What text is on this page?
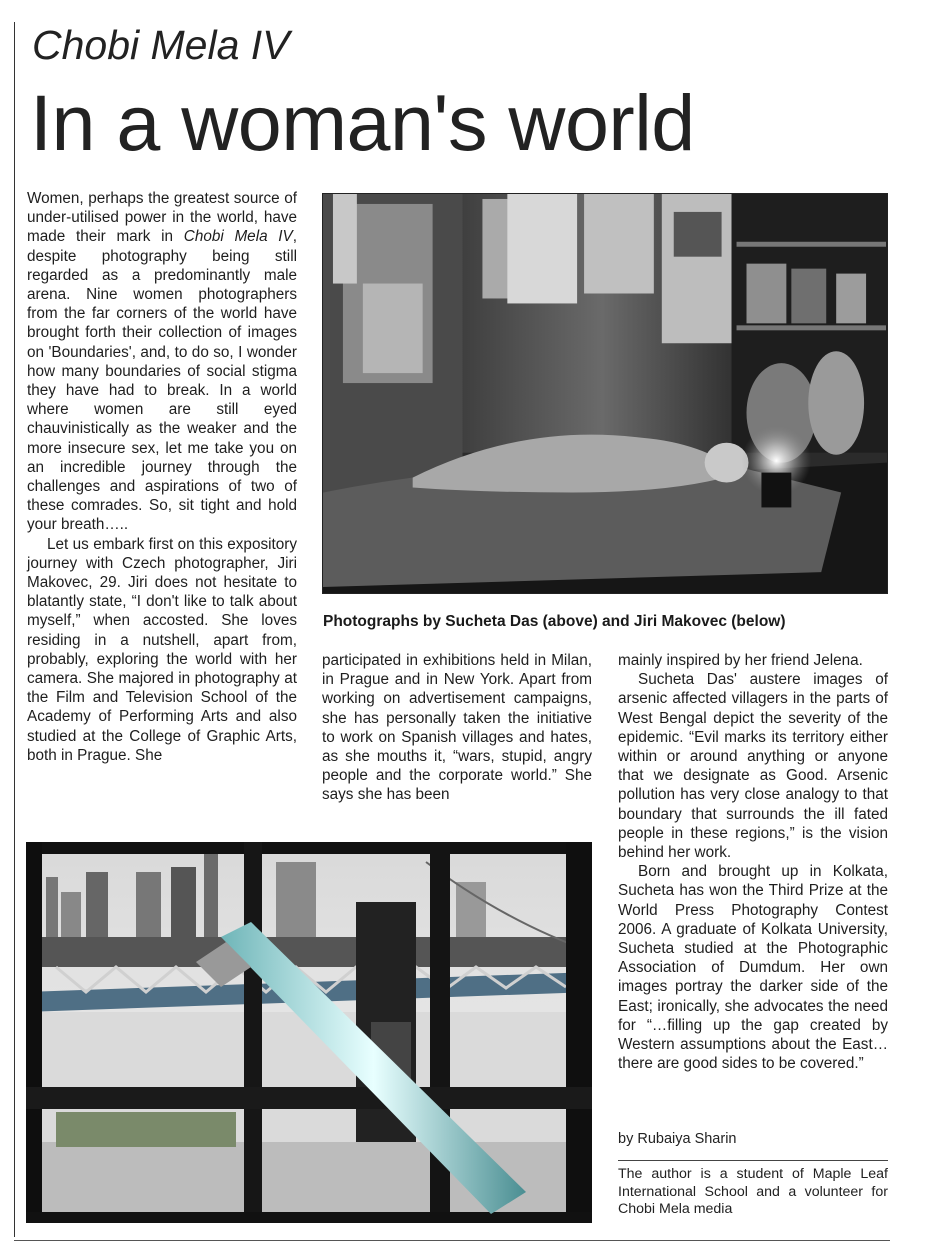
Chobi Mela IV
In a woman's world

Women, perhaps the greatest source of under-utilised power in the world, have made their mark in Chobi Mela IV, despite photography being still regarded as a predominantly male arena. Nine women photographers from the far corners of the world have brought forth their collection of images on 'Boundaries', and, to do so, I wonder how many boundaries of social stigma they have had to break. In a world where women are still eyed chauvinistically as the weaker and the more insecure sex, let me take you on an incredible journey through the challenges and aspirations of two of these comrades. So, sit tight and hold your breath…..

Let us embark first on this expository journey with Czech photographer, Jiri Makovec, 29. Jiri does not hesitate to blatantly state, “I don't like to talk about myself,” when accosted. She loves residing in a nutshell, apart from, probably, exploring the world with her camera. She majored in photography at the Film and Television School of the Academy of Performing Arts and also studied at the College of Graphic Arts, both in Prague. She

Photographs by Sucheta Das (above) and Jiri Makovec (below)

participated in exhibitions held in Milan, in Prague and in New York. Apart from working on advertisement campaigns, she has personally taken the initiative to work on Spanish villages and hates, as she mouths it, “wars, stupid, angry people and the corporate world.” She says she has been

mainly inspired by her friend Jelena.

Sucheta Das' austere images of arsenic affected villagers in the parts of West Bengal depict the severity of the epidemic. “Evil marks its territory either within or around anything or anyone that we designate as Good. Arsenic pollution has very close analogy to that boundary that surrounds the ill fated people in these regions,” is the vision behind her work.

Born and brought up in Kolkata, Sucheta has won the Third Prize at the World Press Photography Contest 2006. A graduate of Kolkata University, Sucheta studied at the Photographic Association of Dumdum. Her own images portray the darker side of the East; ironically, she advocates the need for “…filling up the gap created by Western assumptions about the East…there are good sides to be covered.”

by Rubaiya Sharin

The author is a student of Maple Leaf International School and a volunteer for Chobi Mela media
